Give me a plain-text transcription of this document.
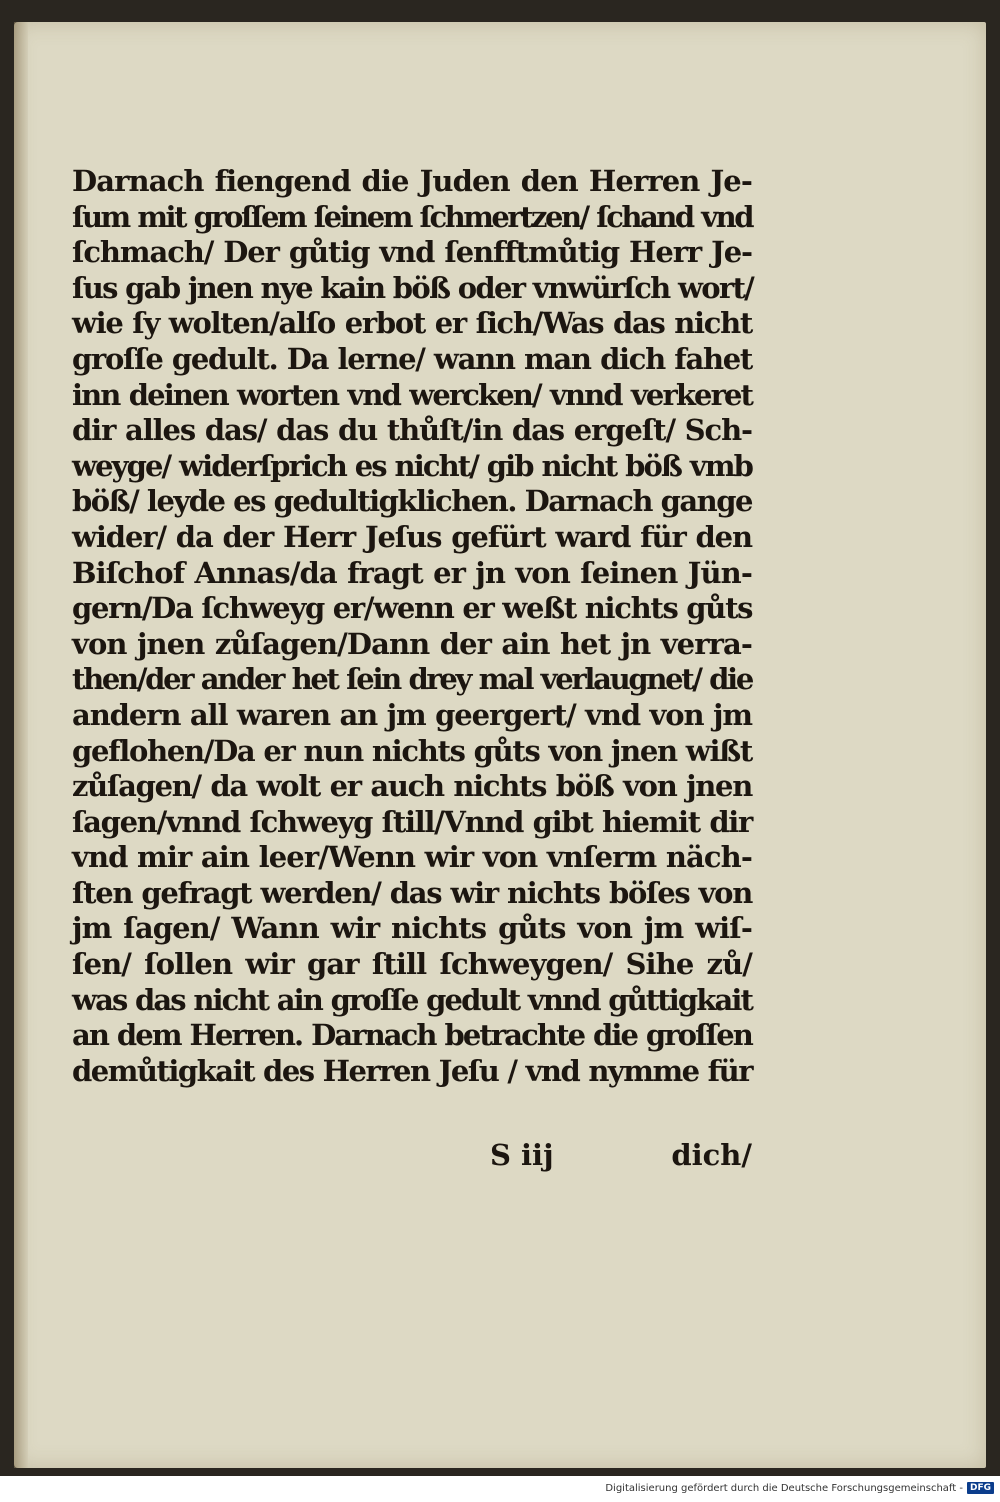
Darnach fiengend die Juden den Herren Je-
ſum mit groſſem ſeinem ſchmertzen/ ſchand vnd
ſchmach/ Der gůtig vnd ſenfftmůtig Herr Je-
ſus gab jnen nye kain böß oder vnwürſch wort/
wie ſy wolten/alſo erbot er ſich/Was das nicht
groſſe gedult. Da lerne/ wann man dich fahet
inn deinen worten vnd wercken/ vnnd verkeret
dir alles das/ das du thůſt/in das ergeſt/ Sch-
weyge/ widerſprich es nicht/ gib nicht böß vmb
böß/ leyde es gedultigklichen. Darnach gange
wider/ da der Herr Jeſus gefürt ward für den
Biſchof Annas/da fragt er jn von ſeinen Jün-
gern/Da ſchweyg er/wenn er weßt nichts gůts
von jnen zůſagen/Dann der ain het jn verra-
then/der ander het ſein drey mal verlaugnet/ die
andern all waren an jm geergert/ vnd von jm
geflohen/Da er nun nichts gůts von jnen wißt
zůſagen/ da wolt er auch nichts böß von jnen
ſagen/vnnd ſchweyg ſtill/Vnnd gibt hiemit dir
vnd mir ain leer/Wenn wir von vnſerm näch-
ſten gefragt werden/ das wir nichts böſes von
jm ſagen/ Wann wir nichts gůts von jm wiſ-
ſen/ ſollen wir gar ſtill ſchweygen/ Sihe zů/
was das nicht ain groſſe gedult vnnd gůttigkait
an dem Herren. Darnach betrachte die groſſen
demůtigkait des Herren Jeſu / vnd nymme für
S iij	dich/
Digitalisierung gefördert durch die Deutsche Forschungsgemeinschaft - DFG
